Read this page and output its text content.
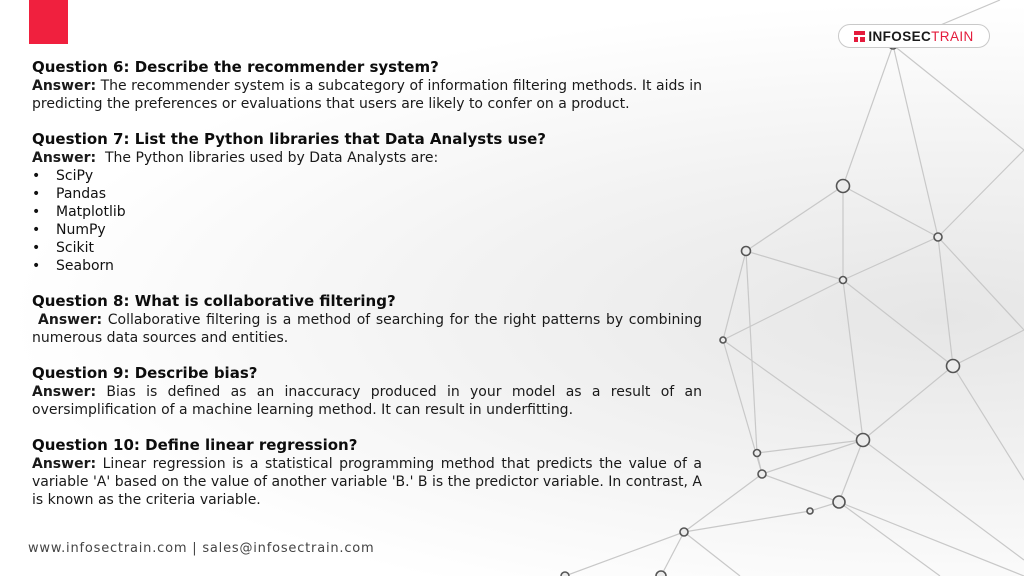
INFOSEC TRAIN
Question 6: Describe the recommender system?
Answer: The recommender system is a subcategory of information filtering methods. It aids in predicting the preferences or evaluations that users are likely to confer on a product.
Question 7: List the Python libraries that Data Analysts use?
Answer:  The Python libraries used by Data Analysts are:
• SciPy
• Pandas
• Matplotlib
• NumPy
• Scikit
• Seaborn
Question 8: What is collaborative filtering?
Answer: Collaborative filtering is a method of searching for the right patterns by combining numerous data sources and entities.
Question 9: Describe bias?
Answer: Bias is defined as an inaccuracy produced in your model as a result of an oversimplification of a machine learning method. It can result in underfitting.
Question 10: Define linear regression?
Answer: Linear regression is a statistical programming method that predicts the value of a variable 'A' based on the value of another variable 'B.' B is the predictor variable. In contrast, A is known as the criteria variable.
www.infosectrain.com | sales@infosectrain.com
